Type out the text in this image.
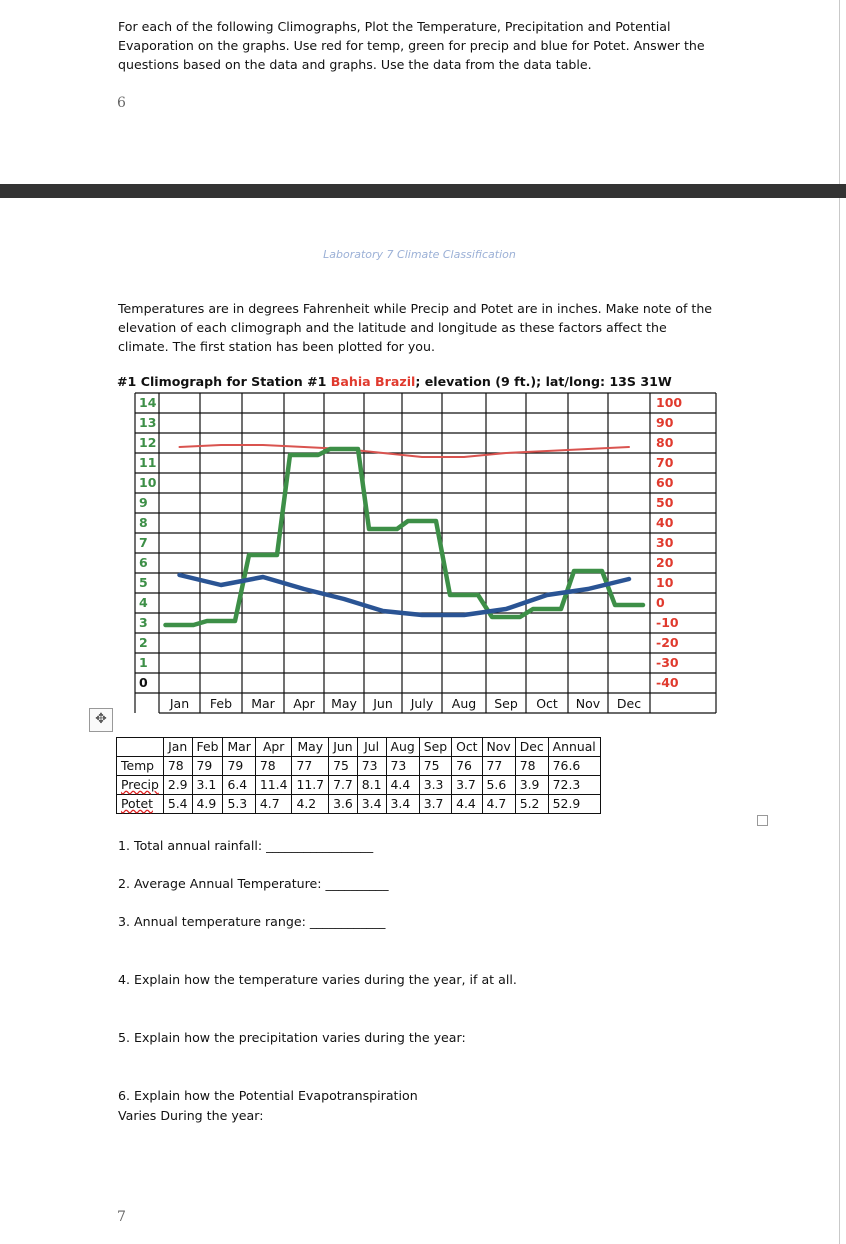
For each of the following Climographs, Plot the Temperature, Precipitation and Potential Evaporation on the graphs. Use red for temp, green for precip and blue for Potet. Answer the questions based on the data and graphs. Use the data from the data table.
6
Laboratory 7 Climate Classification
Temperatures are in degrees Fahrenheit while Precip and Potet are in inches. Make note of the elevation of each climograph and the latitude and longitude as these factors affect the climate. The first station has been plotted for you.
#1 Climograph for Station #1 Bahia Brazil; elevation (9 ft.); lat/long: 13S 31W
14
13
12
11
10
9
8
7
6
5
4
3
2
1
0
100
90
80
70
60
50
40
30
20
10
0
-10
-20
-30
-40
Jan Feb Mar Apr May Jun July Aug Sep Oct Nov Dec
✥
	Jan	Feb	Mar	Apr	May	Jun	Jul	Aug	Sep	Oct	Nov	Dec	Annual
Temp	78	79	79	78	77	75	73	73	75	76	77	78	76.6
Precip	2.9	3.1	6.4	11.4	11.7	7.7	8.1	4.4	3.3	3.7	5.6	3.9	72.3
Potet	5.4	4.9	5.3	4.7	4.2	3.6	3.4	3.4	3.7	4.4	4.7	5.2	52.9
1. Total annual rainfall: _________________
2. Average Annual Temperature: __________
3. Annual temperature range: ____________
4. Explain how the temperature varies during the year, if at all.
5. Explain how the precipitation varies during the year:
6. Explain how the Potential Evapotranspiration
Varies During the year:
7
